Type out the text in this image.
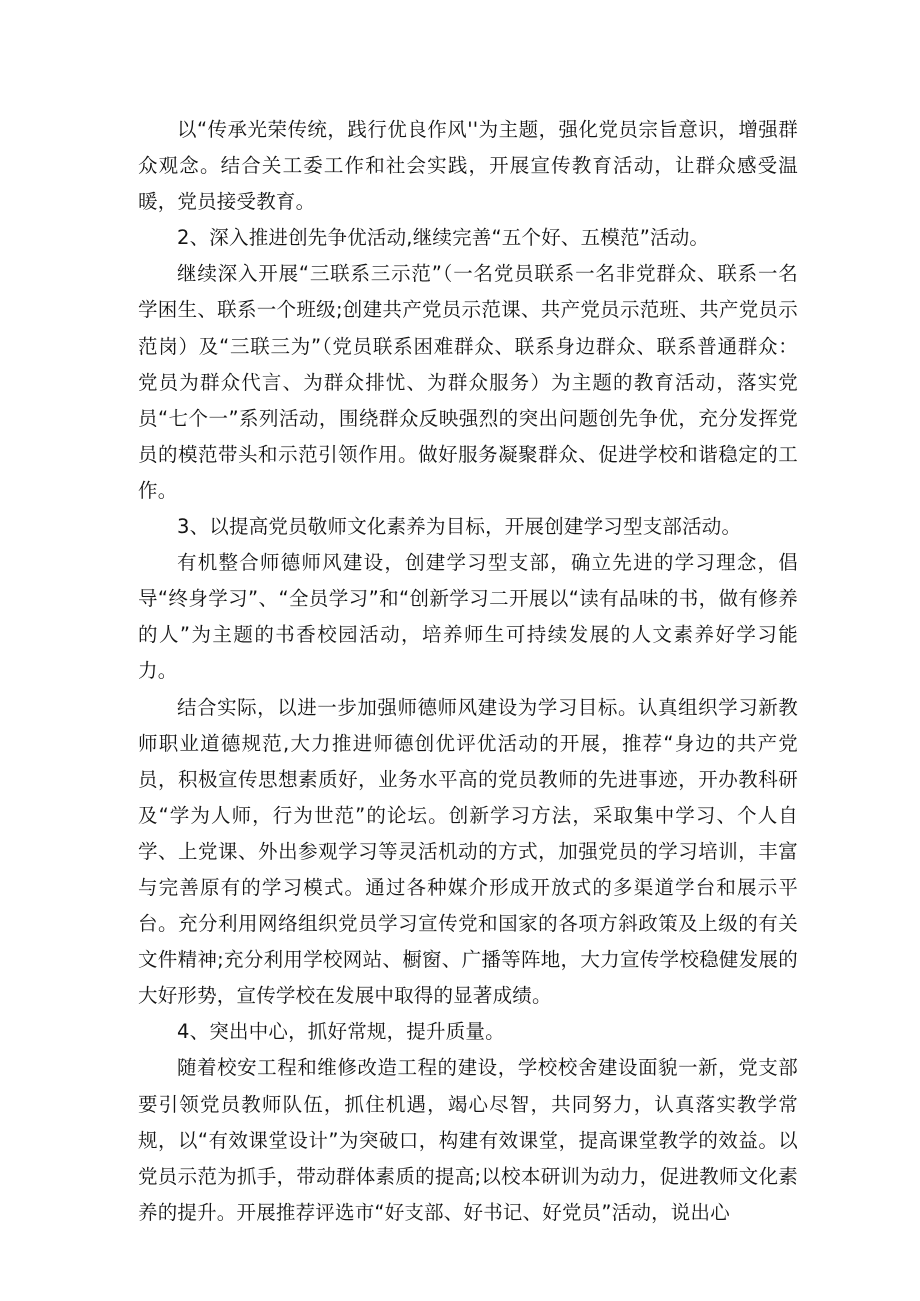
以“传承光荣传统，践行优良作风''为主题，强化党员宗旨意识，增强群众观念。结合关工委工作和社会实践，开展宣传教育活动，让群众感受温暖，党员接受教育。

2、深入推进创先争优活动,继续完善“五个好、五模范”活动。

继续深入开展“三联系三示范”（一名党员联系一名非党群众、联系一名学困生、联系一个班级;创建共产党员示范课、共产党员示范班、共产党员示范岗）及“三联三为”（党员联系困难群众、联系身边群众、联系普通群众：党员为群众代言、为群众排忧、为群众服务）为主题的教育活动，落实党员“七个一”系列活动，围绕群众反映强烈的突出问题创先争优，充分发挥党员的模范带头和示范引领作用。做好服务凝聚群众、促进学校和谐稳定的工作。

3、以提高党员敬师文化素养为目标，开展创建学习型支部活动。

有机整合师德师风建设，创建学习型支部，确立先进的学习理念，倡导“终身学习”、“全员学习”和“创新学习二开展以“读有品味的书，做有修养的人”为主题的书香校园活动，培养师生可持续发展的人文素养好学习能力。

结合实际，以进一步加强师德师风建设为学习目标。认真组织学习新教师职业道德规范,大力推进师德创优评优活动的开展，推荐“身边的共产党员，积极宣传思想素质好，业务水平高的党员教师的先进事迹，开办教科研及“学为人师，行为世范”的论坛。创新学习方法，采取集中学习、个人自学、上党课、外出参观学习等灵活机动的方式，加强党员的学习培训，丰富与完善原有的学习模式。通过各种媒介形成开放式的多渠道学台和展示平台。充分利用网络组织党员学习宣传党和国家的各项方斜政策及上级的有关文件精神;充分利用学校网站、橱窗、广播等阵地，大力宣传学校稳健发展的大好形势，宣传学校在发展中取得的显著成绩。

4、突出中心，抓好常规，提升质量。

随着校安工程和维修改造工程的建设，学校校舍建设面貌一新，党支部要引领党员教师队伍，抓住机遇，竭心尽智，共同努力，认真落实教学常规，以“有效课堂设计”为突破口，构建有效课堂，提高课堂教学的效益。以党员示范为抓手，带动群体素质的提高;以校本研训为动力，促进教师文化素养的提升。开展推荐评选市“好支部、好书记、好党员”活动，说出心
